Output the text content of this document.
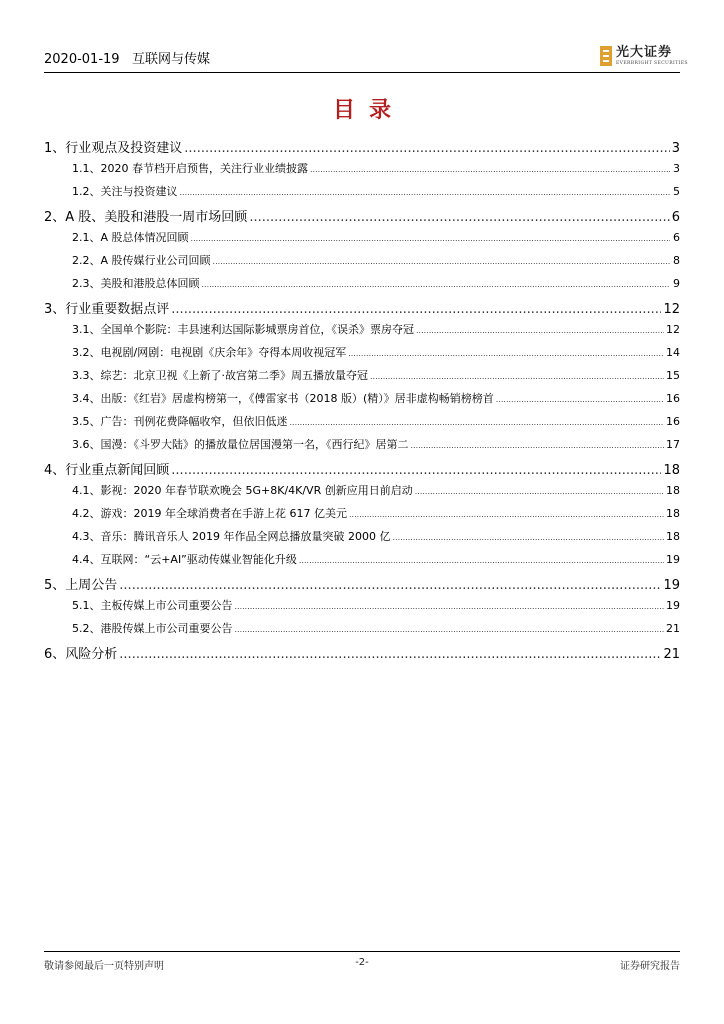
2020-01-19 互联网与传媒	光大证券
EVERBRIGHT SECURITIES
目录
1、 行业观点及投资建议 .....	3
1.1、 2020 春节档开启预售，关注行业业绩披露 .....	3
1.2、 关注与投资建议 .....	5
2、 A 股、美股和港股一周市场回顾 .....	6
2.1、 A 股总体情况回顾 .....	6
2.2、 A 股传媒行业公司回顾 .....	8
2.3、 美股和港股总体回顾 .....	9
3、 行业重要数据点评 .....	12
3.1、 全国单个影院：丰县速利达国际影城票房首位，《误杀》票房夺冠 .....	12
3.2、 电视剧/网剧：电视剧《庆余年》夺得本周收视冠军 .....	14
3.3、 综艺：北京卫视《上新了·故宫第二季》周五播放量夺冠 .....	15
3.4、 出版：《红岩》居虚构榜第一，《傅雷家书（2018 版）(精）》居非虚构畅销榜榜首 .....	16
3.5、 广告：刊例花费降幅收窄，但依旧低迷 .....	16
3.6、 国漫：《斗罗大陆》的播放量位居国漫第一名，《西行纪》居第二 .....	17
4、 行业重点新闻回顾 .....	18
4.1、 影视：2020 年春节联欢晚会 5G+8K/4K/VR 创新应用日前启动 .....	18
4.2、 游戏：2019 年全球消费者在手游上花 617 亿美元 .....	18
4.3、 音乐：腾讯音乐人 2019 年作品全网总播放量突破 2000 亿 .....	18
4.4、 互联网：“云+AI”驱动传媒业智能化升级 .....	19
5、 上周公告 .....	19
5.1、 主板传媒上市公司重要公告 .....	19
5.2、 港股传媒上市公司重要公告 .....	21
6、 风险分析 .....	21
敬请参阅最后一页特别声明	-2-	证券研究报告
